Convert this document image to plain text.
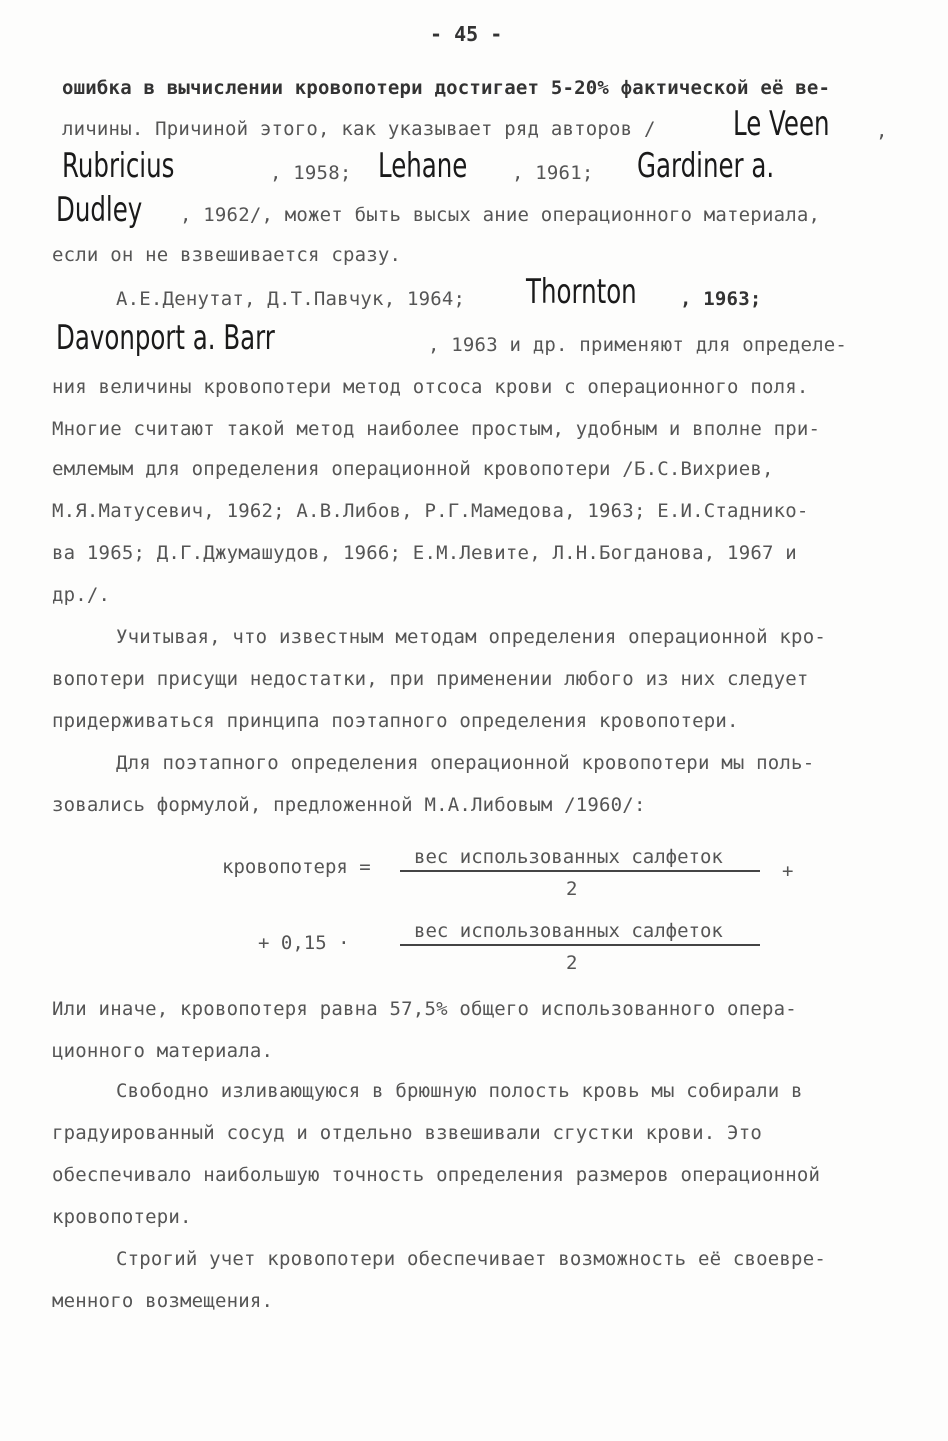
- 45 -
ошибка в вычислении кровопотери достигает 5-20% фактической её ве-
личины. Причиной этого, как указывает ряд авторов / Le Veen	,
Rubricius	, 1958; Lehane	, 1961; Gardiner a.
Dudley	, 1962/, может быть высых ание операционного материала,
если он не взвешивается сразу.
А.Е.Денутат, Д.Т.Павчук, 1964; Thornton	, 1963;
Davonport a. Barr	, 1963 и др. применяют для определе-
ния величины кровопотери метод отсоса крови с операционного поля.
Многие считают такой метод наиболее простым, удобным и вполне при-
емлемым для определения операционной кровопотери /Б.С.Вихриев,
М.Я.Матусевич, 1962; А.В.Либов, Р.Г.Мамедова, 1963; Е.И.Стадникo-
ва 1965; Д.Г.Джумашудов, 1966; Е.М.Левите, Л.Н.Богданова, 1967 и
др./.
Учитывая, что известным методам определения операционной кро-
вопотери присущи недостатки, при применении любого из них следует
придерживаться принципа поэтапного определения кровопотери.
Для поэтапного определения операционной кровопотери мы поль-
зовались формулой, предложенной М.А.Либовым /1960/:
кровопотеря = вес использованных салфеток
2
+
+ 0,15 ·
вес использованных салфеток
2
Или иначе, кровопотеря равна 57,5% общего использованного опера-
ционного материала.
Свободно изливающуюся в брюшную полость кровь мы собирали в
градуированный сосуд и отдельно взвешивали сгустки крови. Это
обеспечивало наибольшую точность определения размеров операционной
кровопотери.
Строгий учет кровопотери обеспечивает возможность её своевре-
менного возмещения.
